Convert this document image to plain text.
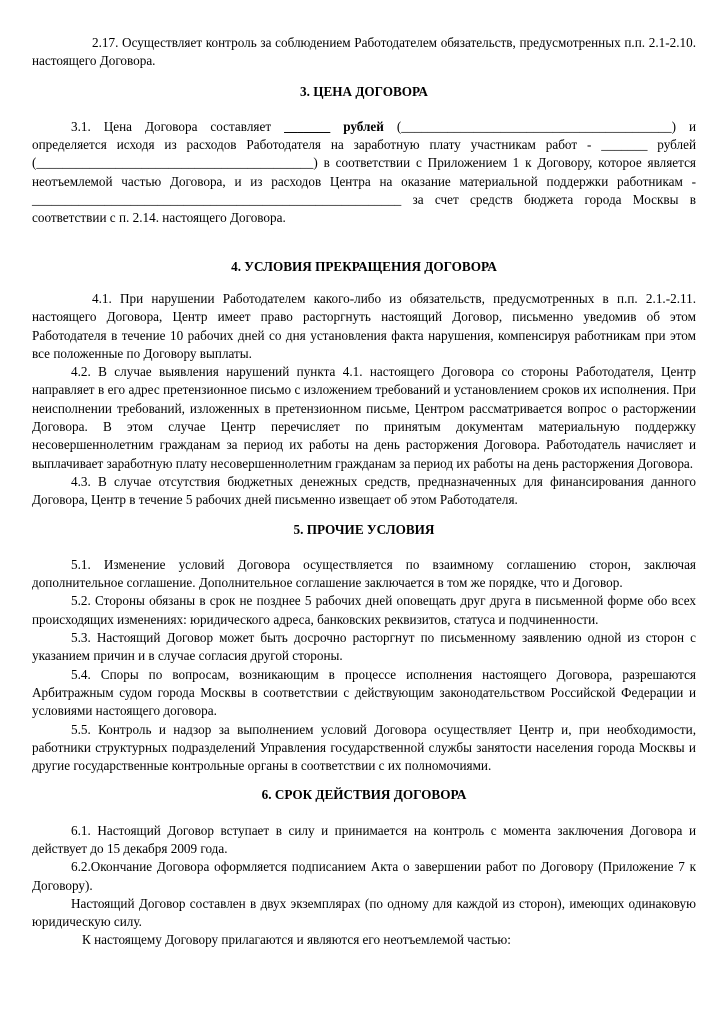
2.17. Осуществляет контроль за соблюдением Работодателем обязательств, предусмотренных п.п. 2.1-2.10. настоящего Договора.

3. ЦЕНА ДОГОВОРА

3.1. Цена Договора составляет _______ рублей (_________________________________________) и определяется исходя из расходов Работодателя на заработную плату участникам работ - _______ рублей (__________________________________________) в соответствии с Приложением 1 к Договору, которое является неотъемлемой частью Договора, и из расходов Центра на оказание материальной поддержки работникам - ________________________________________________________ за счет средств бюджета города Москвы в соответствии с п. 2.14. настоящего Договора.

4. УСЛОВИЯ ПРЕКРАЩЕНИЯ ДОГОВОРА

4.1. При нарушении Работодателем какого-либо из обязательств, предусмотренных в п.п. 2.1.-2.11. настоящего Договора, Центр имеет право расторгнуть настоящий Договор, письменно уведомив об этом Работодателя в течение 10 рабочих дней со дня установления факта нарушения, компенсируя работникам при этом все положенные по Договору выплаты.

4.2. В случае выявления нарушений пункта 4.1. настоящего Договора со стороны Работодателя, Центр направляет в его адрес претензионное письмо с изложением требований и установлением сроков их исполнения. При неисполнении требований, изложенных в претензионном письме, Центром рассматривается вопрос о расторжении Договора. В этом случае Центр перечисляет по принятым документам материальную поддержку несовершеннолетним гражданам за период их работы на день расторжения Договора. Работодатель начисляет и выплачивает заработную плату несовершеннолетним гражданам за период их работы на день расторжения Договора.

4.3. В случае отсутствия бюджетных денежных средств, предназначенных для финансирования данного Договора, Центр в течение 5 рабочих дней письменно извещает об этом Работодателя.

5. ПРОЧИЕ УСЛОВИЯ

5.1. Изменение условий Договора осуществляется по взаимному соглашению сторон, заключая дополнительное соглашение. Дополнительное соглашение заключается в том же порядке, что и Договор.

5.2. Стороны обязаны в срок не позднее 5 рабочих дней оповещать друг друга в письменной форме обо всех происходящих изменениях: юридического адреса, банковских реквизитов, статуса и подчиненности.

5.3. Настоящий Договор может быть досрочно расторгнут по письменному заявлению одной из сторон с указанием причин и в случае согласия другой стороны.

5.4. Споры по вопросам, возникающим в процессе исполнения настоящего Договора, разрешаются Арбитражным судом города Москвы в соответствии с действующим законодательством Российской Федерации и условиями настоящего договора.

5.5. Контроль и надзор за выполнением условий Договора осуществляет Центр и, при необходимости, работники структурных подразделений Управления государственной службы занятости населения города Москвы и другие государственные контрольные органы в соответствии с их полномочиями.

6. СРОК ДЕЙСТВИЯ ДОГОВОРА

6.1. Настоящий Договор вступает в силу и принимается на контроль с момента заключения Договора и действует до 15 декабря 2009 года.

6.2.Окончание Договора оформляется подписанием Акта о завершении работ по Договору (Приложение 7 к Договору).

Настоящий Договор составлен в двух экземплярах (по одному для каждой из сторон), имеющих одинаковую юридическую силу.

К настоящему Договору прилагаются и являются его неотъемлемой частью:
